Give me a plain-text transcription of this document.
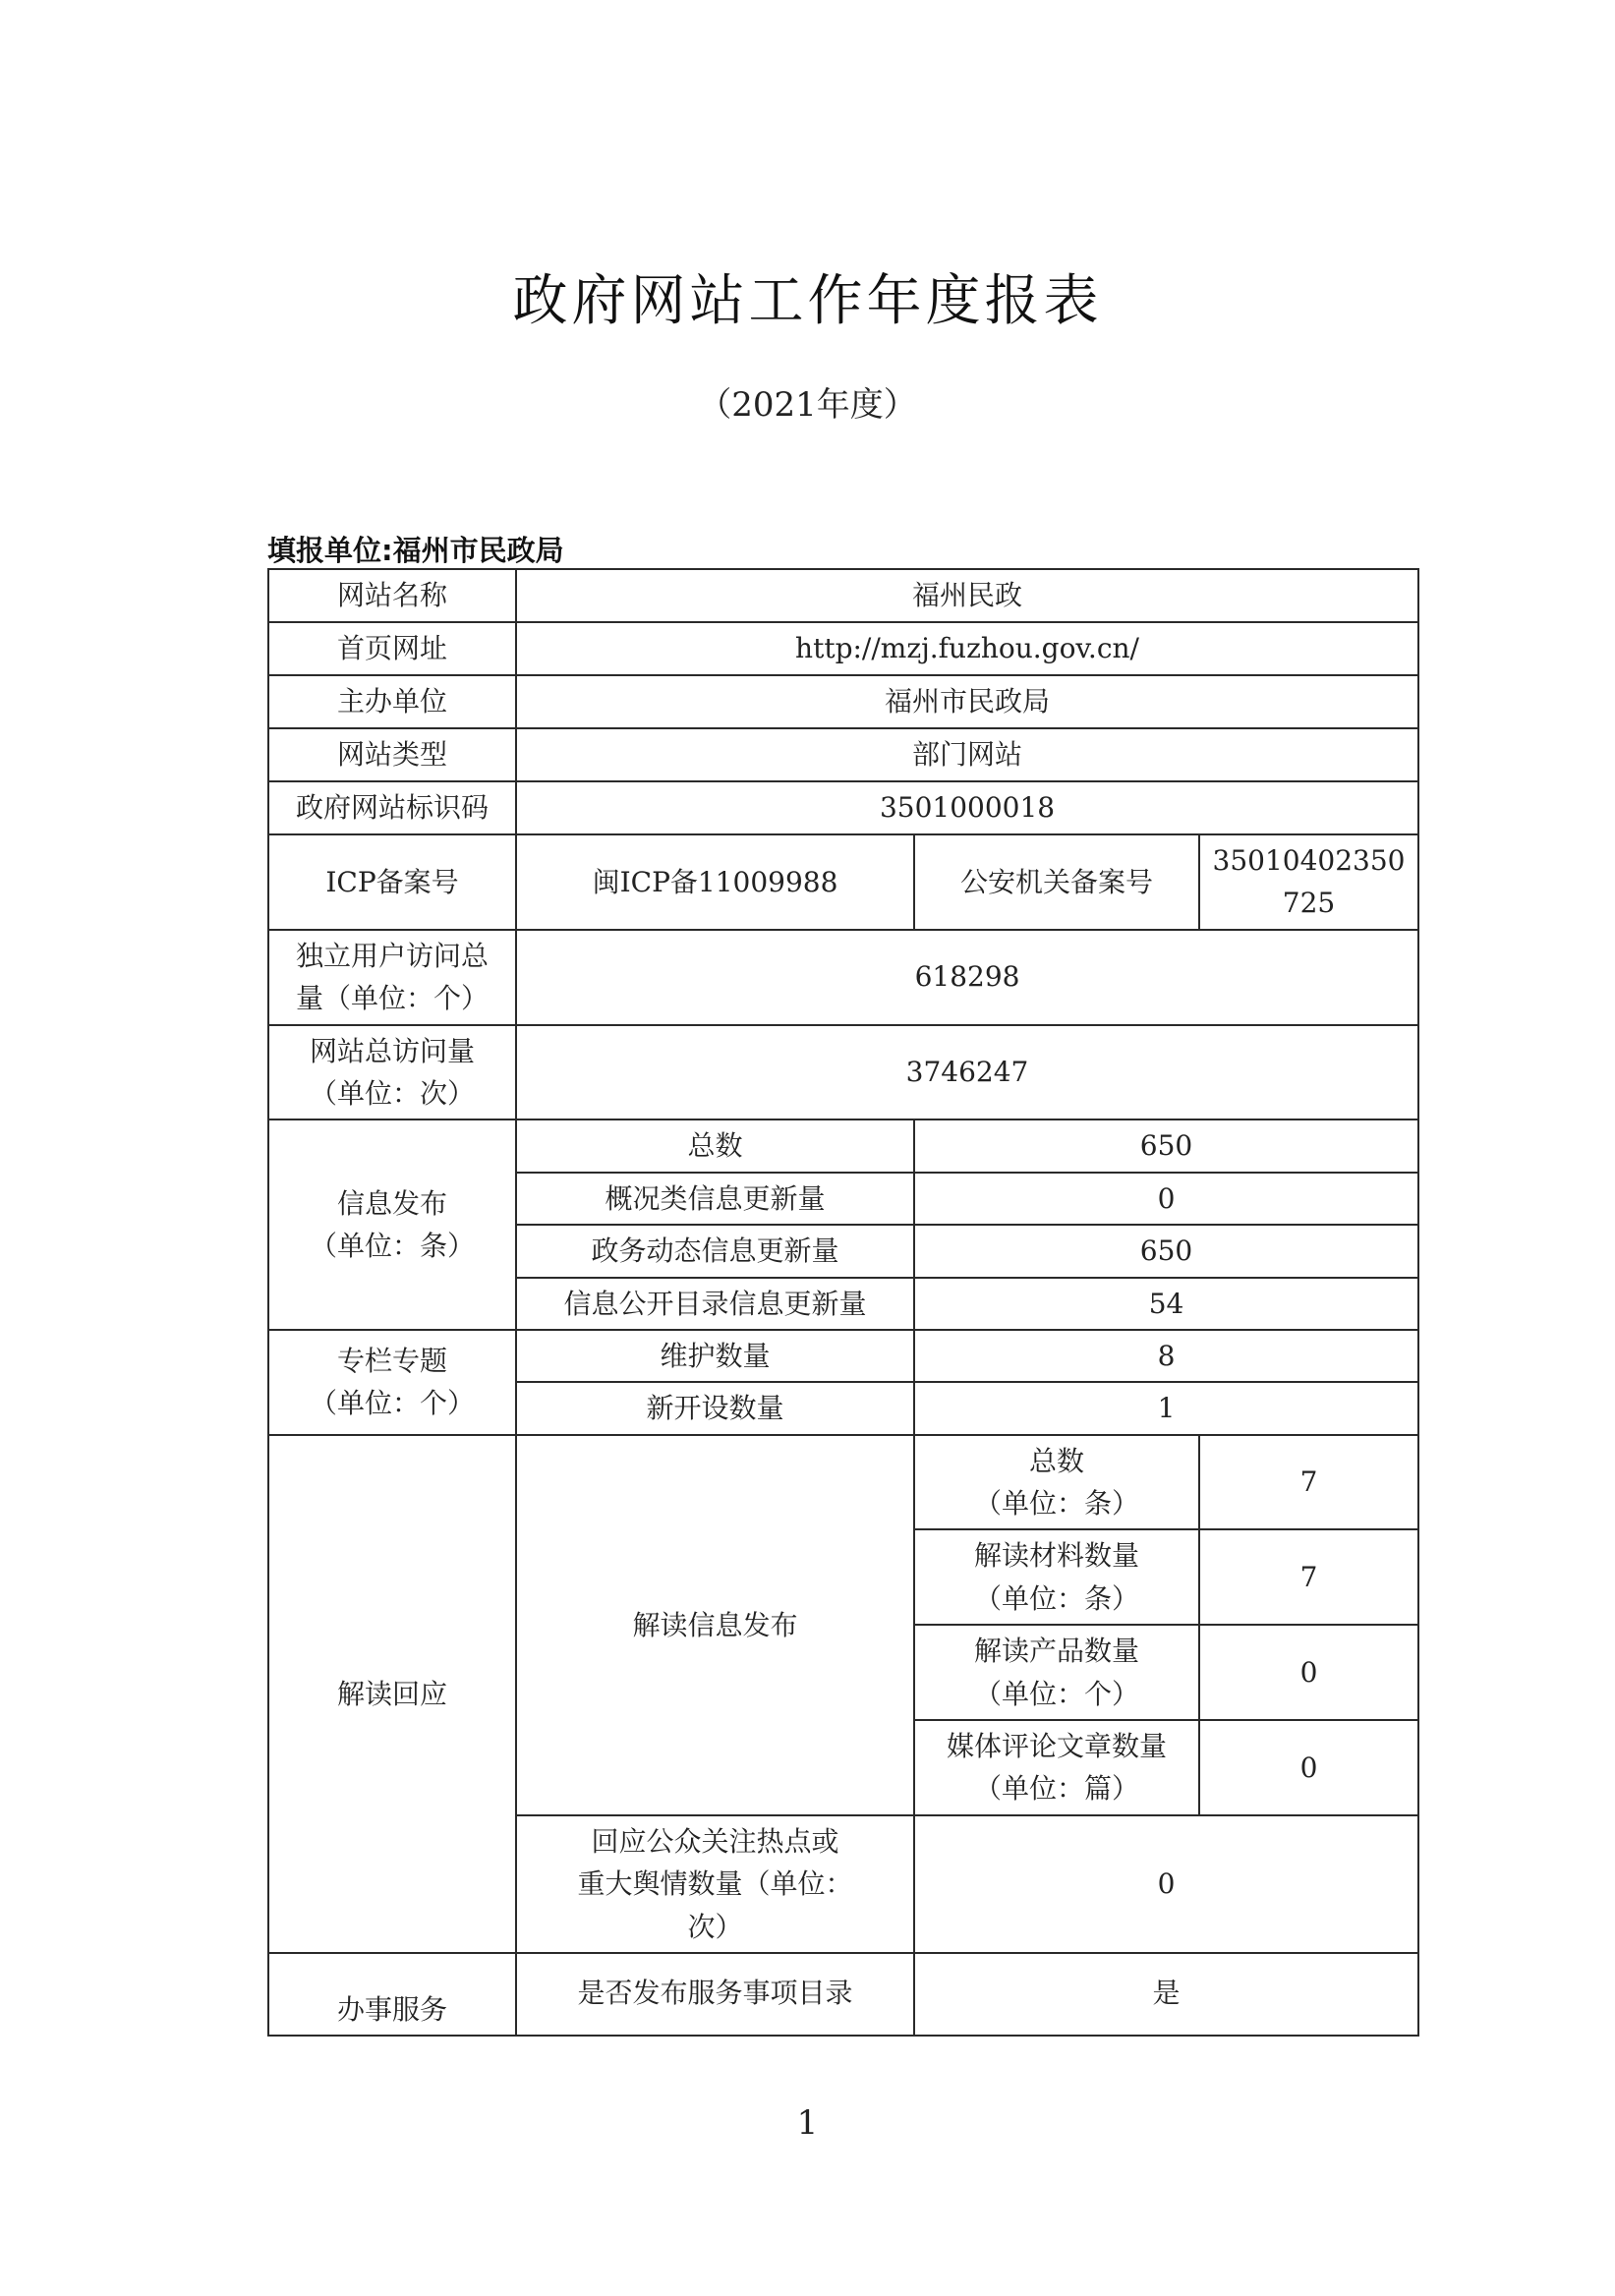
政府网站工作年度报表
（2021年度）
填报单位:福州市民政局
网站名称	福州民政		
首页网址	http://mzj.fuzhou.gov.cn/		
主办单位	福州市民政局		
网站类型	部门网站		
政府网站标识码	3501000018		
ICP备案号	闽ICP备11009988	公安机关备案号	35010402350
725

独立用户访问总
量（单位：个）	618298		

网站总访问量
（单位：次）	3746247		

信息发布
（单位：条）	总数	650	
	概况类信息更新量	0	
	政务动态信息更新量	650	
	信息公开目录信息更新量	54	

专栏专题
（单位：个）	维护数量	8	
	新开设数量	1	
解读回应	解读信息发布	总数
（单位：条）	7

		解读材料数量
（单位：条）	7

		解读产品数量
（单位：个）	0

		媒体评论文章数量
（单位：篇）	0

	回应公众关注热点或
重大舆情数量（单位：
次）	0	
办事服务	是否发布服务事项目录	是	
1
